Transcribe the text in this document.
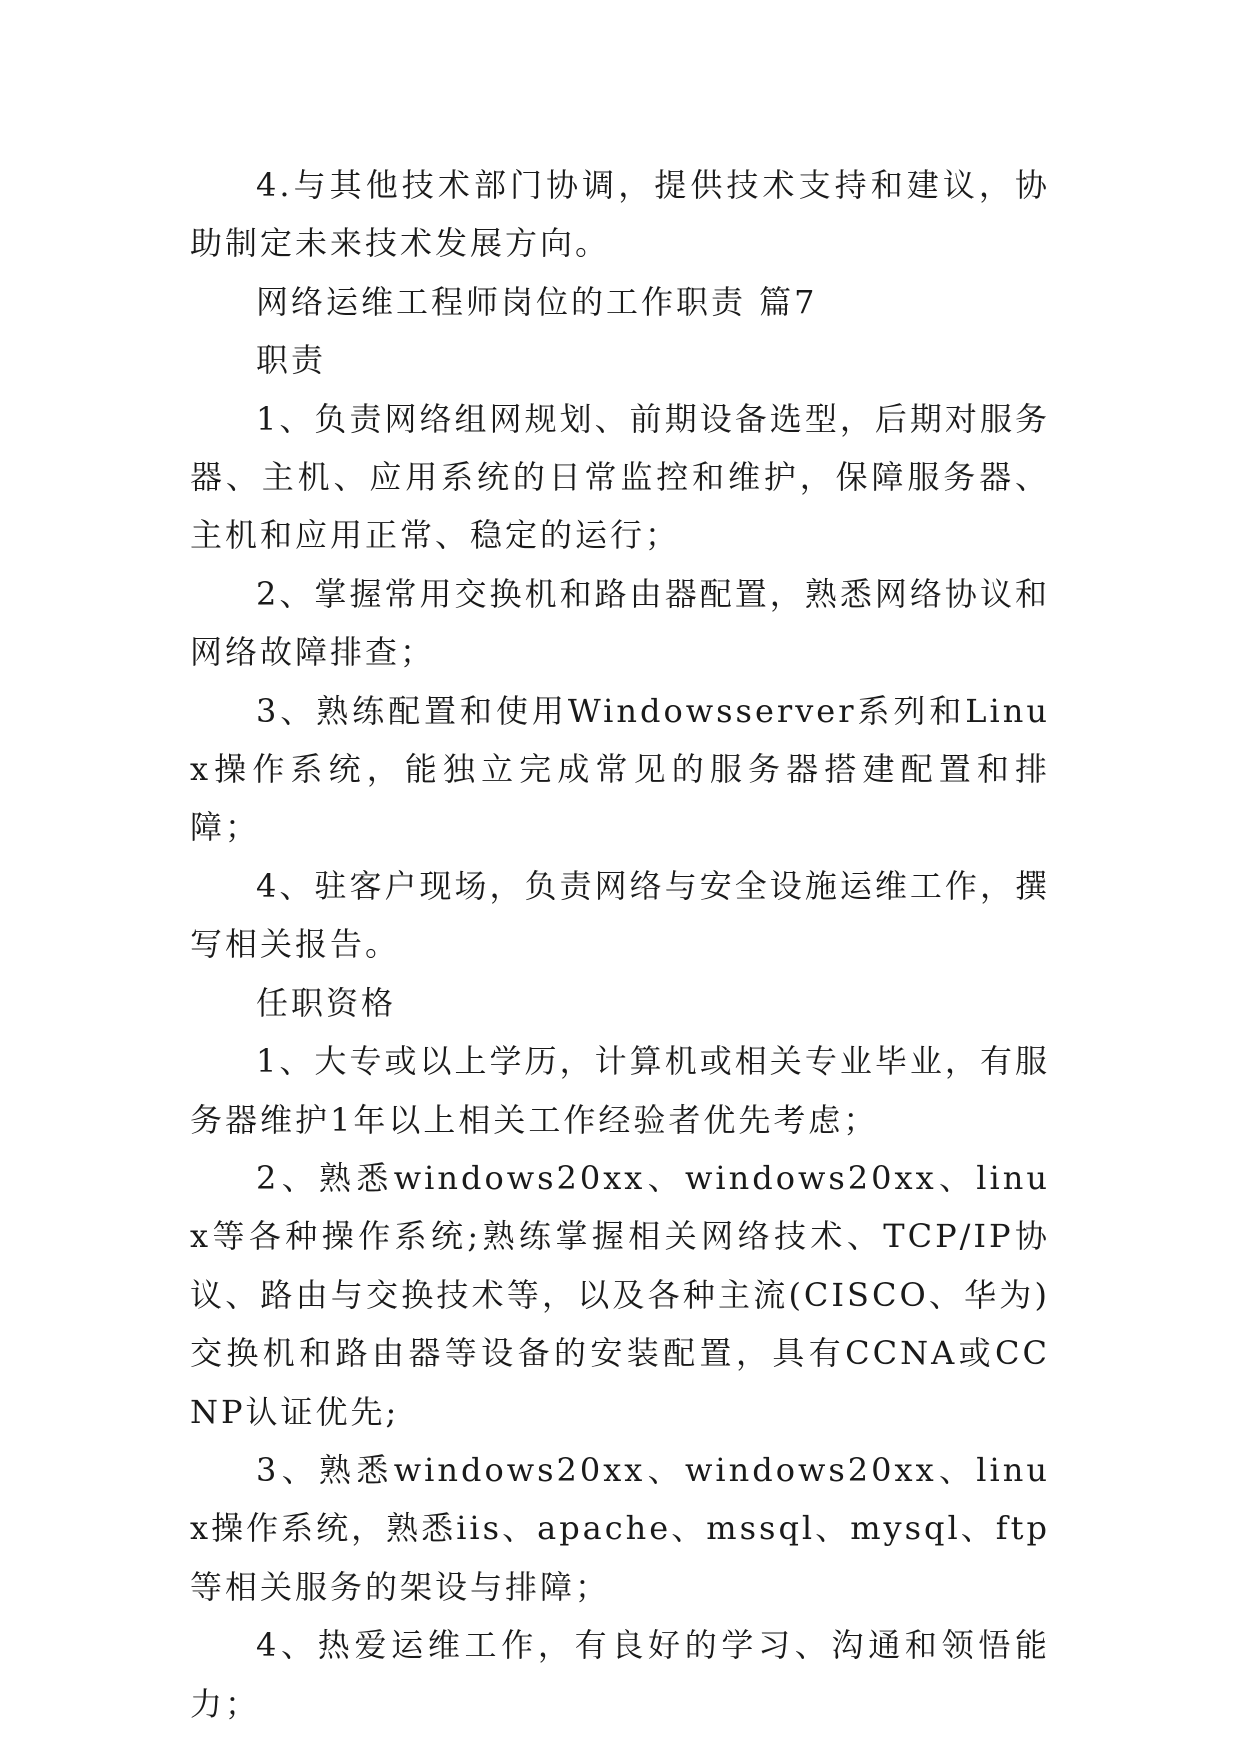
4.与其他技术部门协调，提供技术支持和建议，协助制定未来技术发展方向。

网络运维工程师岗位的工作职责 篇7

职责

1、负责网络组网规划、前期设备选型，后期对服务器、主机、应用系统的日常监控和维护，保障服务器、主机和应用正常、稳定的运行；

2、掌握常用交换机和路由器配置，熟悉网络协议和网络故障排查；

3、熟练配置和使用Windowsserver系列和Linux操作系统，能独立完成常见的服务器搭建配置和排障；

4、驻客户现场，负责网络与安全设施运维工作，撰写相关报告。

任职资格

1、大专或以上学历，计算机或相关专业毕业，有服务器维护1年以上相关工作经验者优先考虑；

2、熟悉windows20xx、windows20xx、linux等各种操作系统;熟练掌握相关网络技术、TCP/IP协议、路由与交换技术等，以及各种主流(CISCO、华为)交换机和路由器等设备的安装配置，具有CCNA或CCNP认证优先;

3、熟悉windows20xx、windows20xx、linux操作系统，熟悉iis、apache、mssql、mysql、ftp等相关服务的架设与排障；

4、热爱运维工作，有良好的学习、沟通和领悟能力；
